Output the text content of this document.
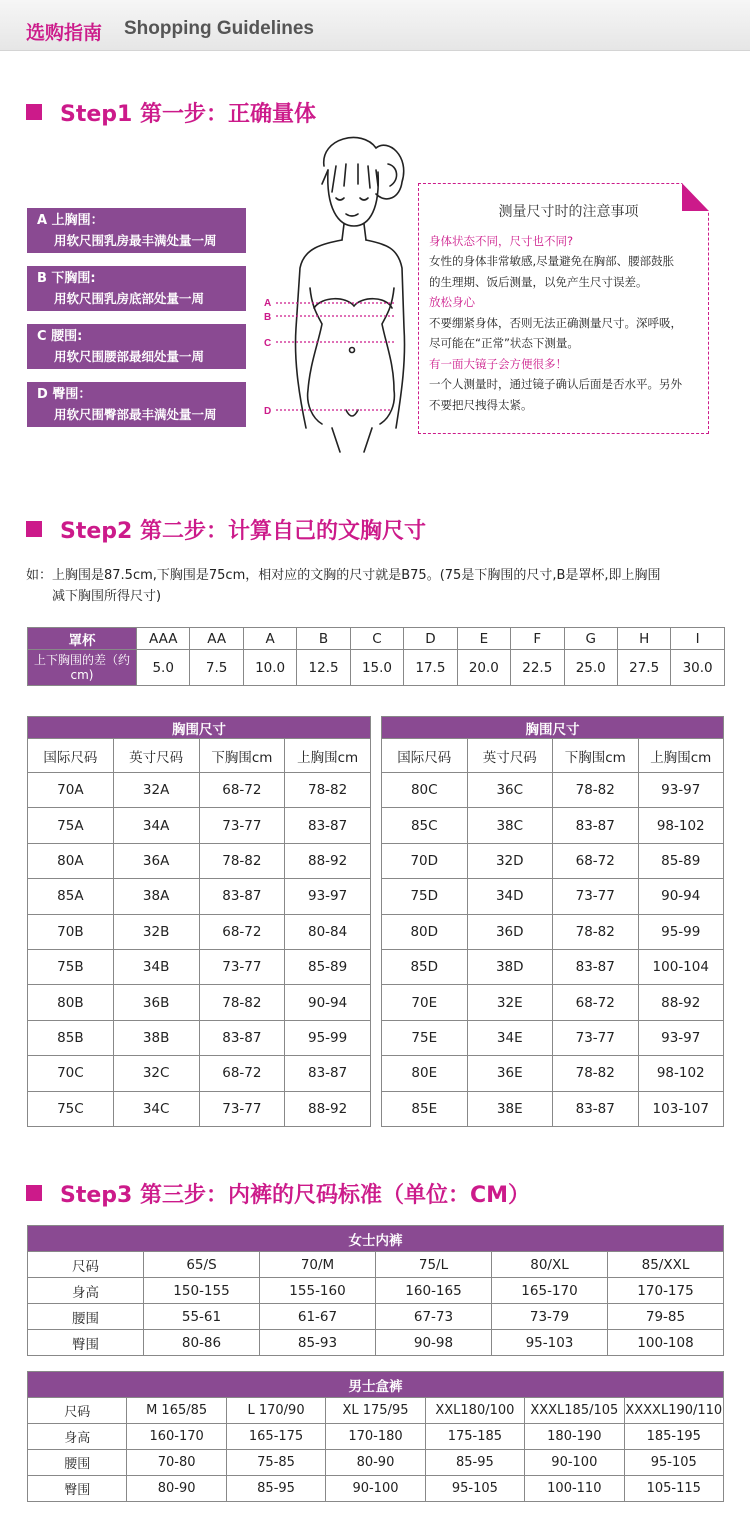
选购指南 Shopping Guidelines
Step1 第一步：正确量体
A 上胸围：
用软尺围乳房最丰满处量一周
B 下胸围:
用软尺围乳房底部处量一周
C 腰围:
用软尺围腰部最细处量一周
D 臀围：
用软尺围臀部最丰满处量一周
A
B
C
D
测量尺寸时的注意事项
身体状态不同，尺寸也不同?
女性的身体非常敏感,尽量避免在胸部、腰部鼓胀
的生理期、饭后测量，以免产生尺寸误差。
放松身心
不要绷紧身体，否则无法正确测量尺寸。深呼吸，
尽可能在“正常”状态下测量。
有一面大镜子会方便很多！
一个人测量时，通过镜子确认后面是否水平。另外
不要把尺拽得太紧。
Step2 第二步：计算自己的文胸尺寸
如：上胸围是87.5cm,下胸围是75cm，相对应的文胸的尺寸就是B75。(75是下胸围的尺寸,B是罩杯,即上胸围
减下胸围所得尺寸)
罩杯	AAA	AA	A	B	C	D	E	F	G	H	I
上下胸围的差（约cm)	5.0	7.5	10.0	12.5	15.0	17.5	20.0	22.5	25.0	27.5	30.0
胸围尺寸			
国际尺码	英寸尺码	下胸围cm	上胸围cm
70A	32A	68-72	78-82
75A	34A	73-77	83-87
80A	36A	78-82	88-92
85A	38A	83-87	93-97
70B	32B	68-72	80-84
75B	34B	73-77	85-89
80B	36B	78-82	90-94
85B	38B	83-87	95-99
70C	32C	68-72	83-87
75C	34C	73-77	88-92
胸围尺寸			
国际尺码	英寸尺码	下胸围cm	上胸围cm
80C	36C	78-82	93-97
85C	38C	83-87	98-102
70D	32D	68-72	85-89
75D	34D	73-77	90-94
80D	36D	78-82	95-99
85D	38D	83-87	100-104
70E	32E	68-72	88-92
75E	34E	73-77	93-97
80E	36E	78-82	98-102
85E	38E	83-87	103-107
Step3 第三步：内裤的尺码标准（单位：CM）
女士内裤					
尺码	65/S	70/M	75/L	80/XL	85/XXL
身高	150-155	155-160	160-165	165-170	170-175
腰围	55-61	61-67	67-73	73-79	79-85
臀围	80-86	85-93	90-98	95-103	100-108
男士盒裤						
尺码	M 165/85	L 170/90	XL 175/95	XXL180/100	XXXL185/105	XXXXL190/110
身高	160-170	165-175	170-180	175-185	180-190	185-195
腰围	70-80	75-85	80-90	85-95	90-100	95-105
臀围	80-90	85-95	90-100	95-105	100-110	105-115
